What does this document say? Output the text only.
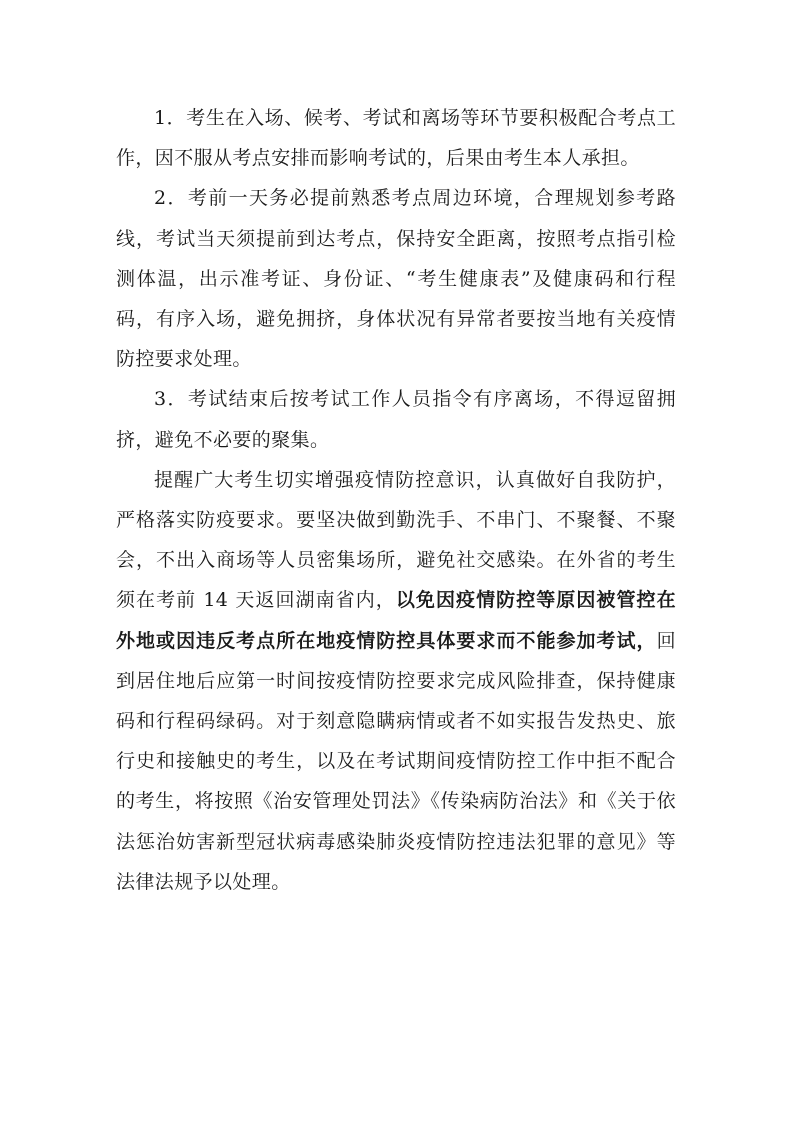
1．考生在入场、候考、考试和离场等环节要积极配合考点工作，因不服从考点安排而影响考试的，后果由考生本人承担。

2．考前一天务必提前熟悉考点周边环境，合理规划参考路线，考试当天须提前到达考点，保持安全距离，按照考点指引检测体温，出示准考证、身份证、“考生健康表”及健康码和行程码，有序入场，避免拥挤，身体状况有异常者要按当地有关疫情防控要求处理。

3．考试结束后按考试工作人员指令有序离场，不得逗留拥挤，避免不必要的聚集。

提醒广大考生切实增强疫情防控意识，认真做好自我防护，严格落实防疫要求。要坚决做到勤洗手、不串门、不聚餐、不聚会，不出入商场等人员密集场所，避免社交感染。在外省的考生须在考前 14 天返回湖南省内，以免因疫情防控等原因被管控在外地或因违反考点所在地疫情防控具体要求而不能参加考试，回到居住地后应第一时间按疫情防控要求完成风险排查，保持健康码和行程码绿码。对于刻意隐瞒病情或者不如实报告发热史、旅行史和接触史的考生，以及在考试期间疫情防控工作中拒不配合的考生，将按照《治安管理处罚法》《传染病防治法》和《关于依法惩治妨害新型冠状病毒感染肺炎疫情防控违法犯罪的意见》等法律法规予以处理。
